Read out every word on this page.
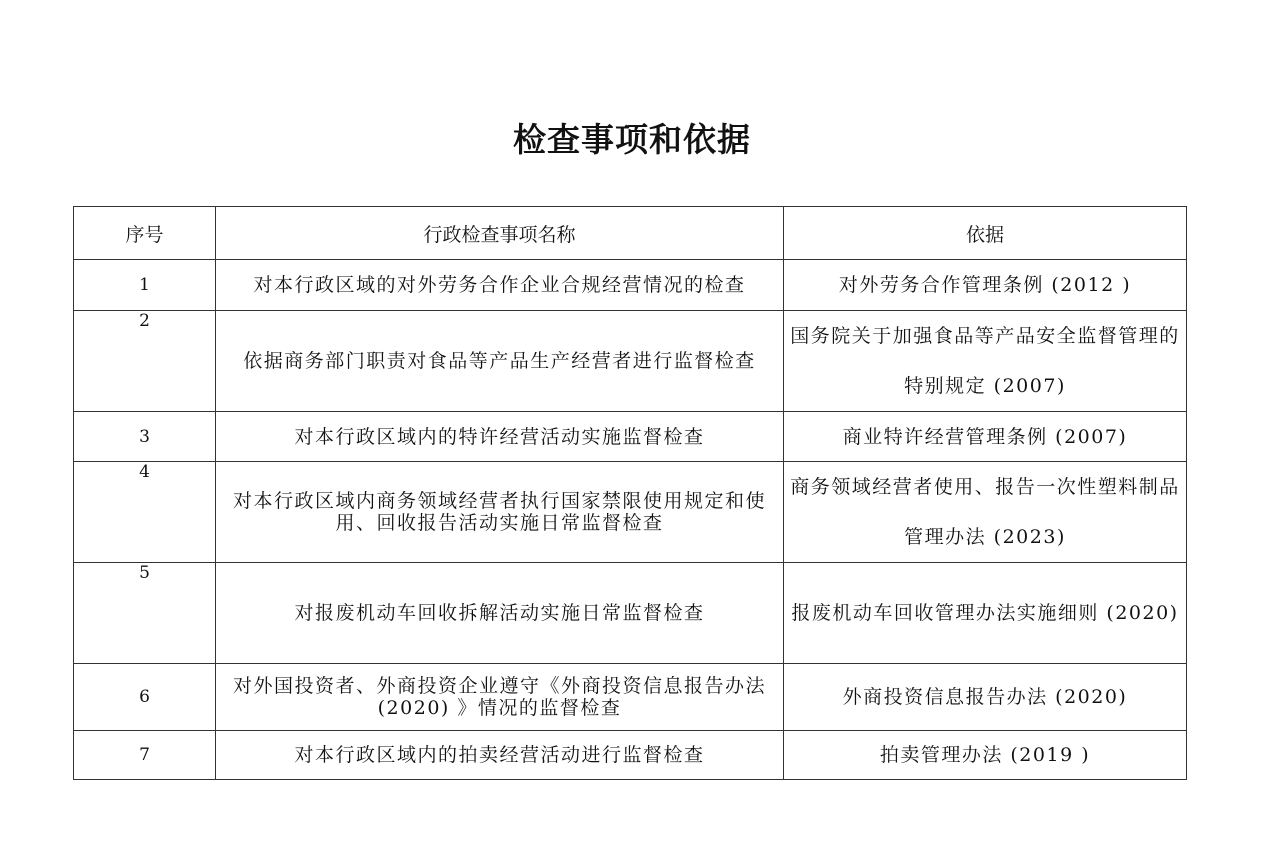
检查事项和依据
序号	行政检查事项名称	依据
1	对本行政区域的对外劳务合作企业合规经营情况的检查	对外劳务合作管理条例 (2012 )
2	依据商务部门职责对食品等产品生产经营者进行监督检查	国务院关于加强食品等产品安全监督管理的特别规定 (2007)
3	对本行政区域内的特许经营活动实施监督检查	商业特许经营管理条例 (2007)
4	对本行政区域内商务领域经营者执行国家禁限使用规定和使用、回收报告活动实施日常监督检查	商务领域经营者使用、报告一次性塑料制品管理办法 (2023)
5	对报废机动车回收拆解活动实施日常监督检查	报废机动车回收管理办法实施细则 (2020)
6	对外国投资者、外商投资企业遵守《外商投资信息报告办法 (2020) 》情况的监督检查	外商投资信息报告办法 (2020)
7	对本行政区域内的拍卖经营活动进行监督检查	拍卖管理办法 (2019 )
